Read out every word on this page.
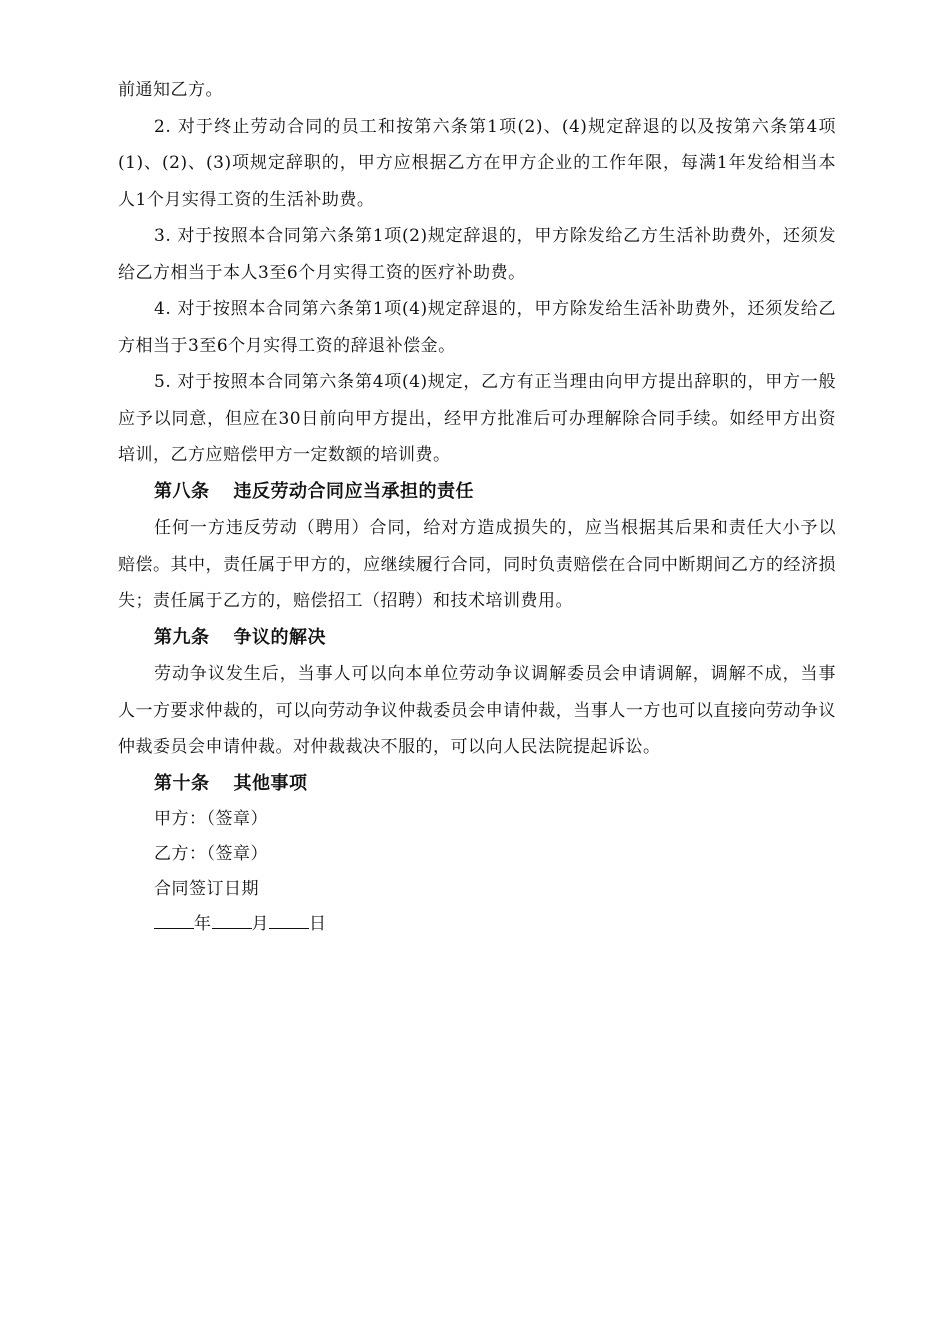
前通知乙方。

2. 对于终止劳动合同的员工和按第六条第1项(2)、(4)规定辞退的以及按第六条第4项(1)、(2)、(3)项规定辞职的，甲方应根据乙方在甲方企业的工作年限，每满1年发给相当本人1个月实得工资的生活补助费。

3. 对于按照本合同第六条第1项(2)规定辞退的，甲方除发给乙方生活补助费外，还须发给乙方相当于本人3至6个月实得工资的医疗补助费。

4. 对于按照本合同第六条第1项(4)规定辞退的，甲方除发给生活补助费外，还须发给乙方相当于3至6个月实得工资的辞退补偿金。

5. 对于按照本合同第六条第4项(4)规定，乙方有正当理由向甲方提出辞职的，甲方一般应予以同意，但应在30日前向甲方提出，经甲方批准后可办理解除合同手续。如经甲方出资培训，乙方应赔偿甲方一定数额的培训费。

第八条 违反劳动合同应当承担的责任

任何一方违反劳动（聘用）合同，给对方造成损失的，应当根据其后果和责任大小予以赔偿。其中，责任属于甲方的，应继续履行合同，同时负责赔偿在合同中断期间乙方的经济损失；责任属于乙方的，赔偿招工（招聘）和技术培训费用。

第九条 争议的解决

劳动争议发生后，当事人可以向本单位劳动争议调解委员会申请调解，调解不成，当事人一方要求仲裁的，可以向劳动争议仲裁委员会申请仲裁，当事人一方也可以直接向劳动争议仲裁委员会申请仲裁。对仲裁裁决不服的，可以向人民法院提起诉讼。

第十条 其他事项
甲方：（签章）
乙方：（签章）
合同签订日期
年 月 日
